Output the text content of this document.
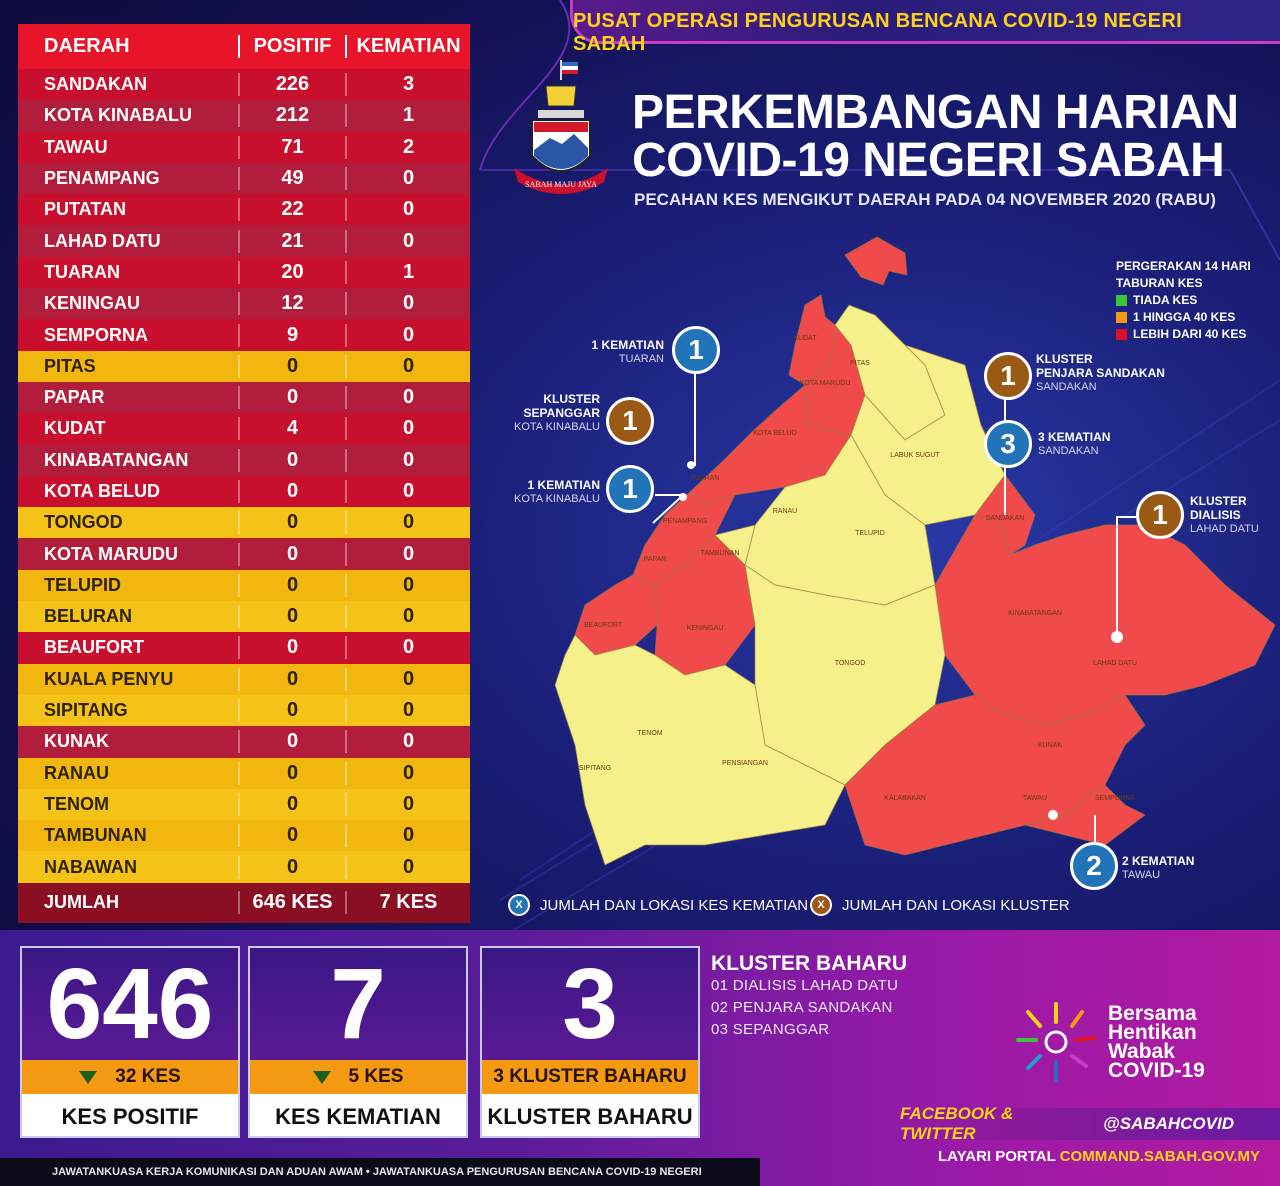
PUSAT OPERASI PENGURUSAN BENCANA COVID-19 NEGERI SABAH
DAERAH	POSITIF	KEMATIAN
SANDAKAN	226	3
KOTA KINABALU	212	1
TAWAU	71	2
PENAMPANG	49	0
PUTATAN	22	0
LAHAD DATU	21	0
TUARAN	20	1
KENINGAU	12	0
SEMPORNA	9	0
PITAS	0	0
PAPAR	0	0
KUDAT	4	0
KINABATANGAN	0	0
KOTA BELUD	0	0
TONGOD	0	0
KOTA MARUDU	0	0
TELUPID	0	0
BELURAN	0	0
BEAUFORT	0	0
KUALA PENYU	0	0
SIPITANG	0	0
KUNAK	0	0
RANAU	0	0
TENOM	0	0
TAMBUNAN	0	0
NABAWAN	0	0
JUMLAH	646 KES	7 KES
SABAH MAJU JAYA
PERKEMBANGAN HARIAN
COVID-19 NEGERI SABAH
PECAHAN KES MENGIKUT DAERAH PADA 04 NOVEMBER 2020 (RABU)
PITAS
KUDAT
KOTA MARUDU
KOTA BELUD
TUARAN
LABUK SUGUT
RANAU
TELUPID
SANDAKAN
TAMBUNAN
PAPAR
PENAMPANG
BEAUFORT	KENINGAU
KINABATANGAN
TONGOD	LAHAD DATU
TENOM
SIPITANG
PENSIANGAN
KALABAKAN
KUNAK
TAWAU	SEMPORNA
PERGERAKAN 14 HARI
TABURAN KES
TIADA KES
1 HINGGA 40 KES
LEBIH DARI 40 KES
1
1 KEMATIAN
TUARAN
1
KLUSTER
SEPANGGAR
KOTA KINABALU
1
1 KEMATIAN
KOTA KINABALU
1
KLUSTER
PENJARA SANDAKAN
SANDAKAN
3	3 KEMATIAN
SANDAKAN
1	KLUSTER
DIALISIS
LAHAD DATU
2	2 KEMATIAN
TAWAU
X	JUMLAH DAN LOKASI KES KEMATIAN X	JUMLAH DAN LOKASI KLUSTER
646
32 KES
KES POSITIF
7
5 KES
KES KEMATIAN
3
3 KLUSTER BAHARU
KLUSTER BAHARU
KLUSTER BAHARU
01 DIALISIS LAHAD DATU
02 PENJARA SANDAKAN
03 SEPANGGAR
Bersama
Hentikan
Wabak
COVID-19
FACEBOOK & TWITTER
@SABAHCOVID
LAYARI PORTAL COMMAND.SABAH.GOV.MY
JAWATANKUASA KERJA KOMUNIKASI DAN ADUAN AWAM • JAWATANKUASA PENGURUSAN BENCANA COVID-19 NEGERI
